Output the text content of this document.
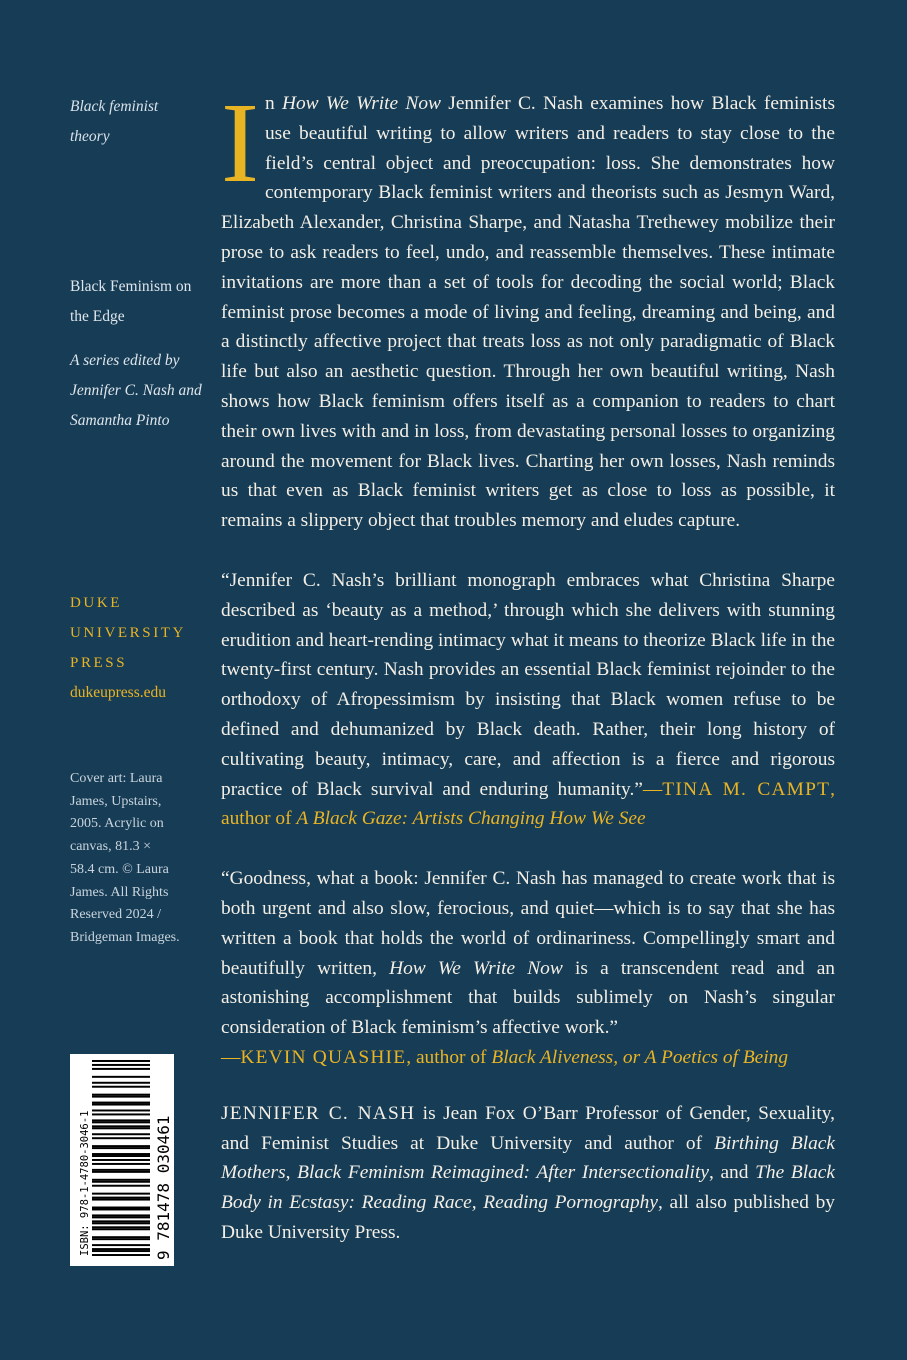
Black feminist theory
Black Feminism on the Edge
A series edited by Jennifer C. Nash and Samantha Pinto
DUKE
UNIVERSITY
PRESS
dukeupress.edu
Cover art: Laura
James, Upstairs,
2005. Acrylic on
canvas, 81.3 ×
58.4 cm. © Laura
James. All Rights
Reserved 2024 /
Bridgeman Images.

In How We Write Now Jennifer C. Nash examines how Black feminists use beautiful writing to allow writers and readers to stay close to the field’s central object and preoccupation: loss. She demonstrates how contemporary Black feminist writers and theorists such as Jesmyn Ward, Elizabeth Alexander, Christina Sharpe, and Natasha Trethewey mobilize their prose to ask readers to feel, undo, and reassemble themselves. These intimate invitations are more than a set of tools for decoding the social world; Black feminist prose becomes a mode of living and feeling, dreaming and being, and a distinctly affective project that treats loss as not only paradigmatic of Black life but also an aesthetic question. Through her own beautiful writing, Nash shows how Black feminism offers itself as a companion to readers to chart their own lives with and in loss, from devastating personal losses to organizing around the movement for Black lives. Charting her own losses, Nash reminds us that even as Black feminist writers get as close to loss as possible, it remains a slippery object that troubles memory and eludes capture.

“Jennifer C. Nash’s brilliant monograph embraces what Christina Sharpe described as ‘beauty as a method,’ through which she delivers with stunning erudition and heart-rending intimacy what it means to theorize Black life in the twenty-first century. Nash provides an essential Black feminist rejoinder to the orthodoxy of Afropessimism by insisting that Black women refuse to be defined and dehumanized by Black death. Rather, their long history of cultivating beauty, intimacy, care, and affection is a fierce and rigorous practice of Black survival and enduring humanity.”—TINA M. CAMPT, author of A Black Gaze: Artists Changing How We See

“Goodness, what a book: Jennifer C. Nash has managed to create work that is both urgent and also slow, ferocious, and quiet—which is to say that she has written a book that holds the world of ordinariness. Compellingly smart and beautifully written, How We Write Now is a transcendent read and an astonishing accomplishment that builds sublimely on Nash’s singular consideration of Black feminism’s affective work.”
—KEVIN QUASHIE, author of Black Aliveness, or A Poetics of Being

JENNIFER C. NASH is Jean Fox O’Barr Professor of Gender, Sexuality, and Feminist Studies at Duke University and author of Birthing Black Mothers, Black Feminism Reimagined: After Intersectionality, and The Black Body in Ecstasy: Reading Race, Reading Pornography, all also published by Duke University Press.

ISBN: 978-1-4780-3046-1	9 781478 030461
